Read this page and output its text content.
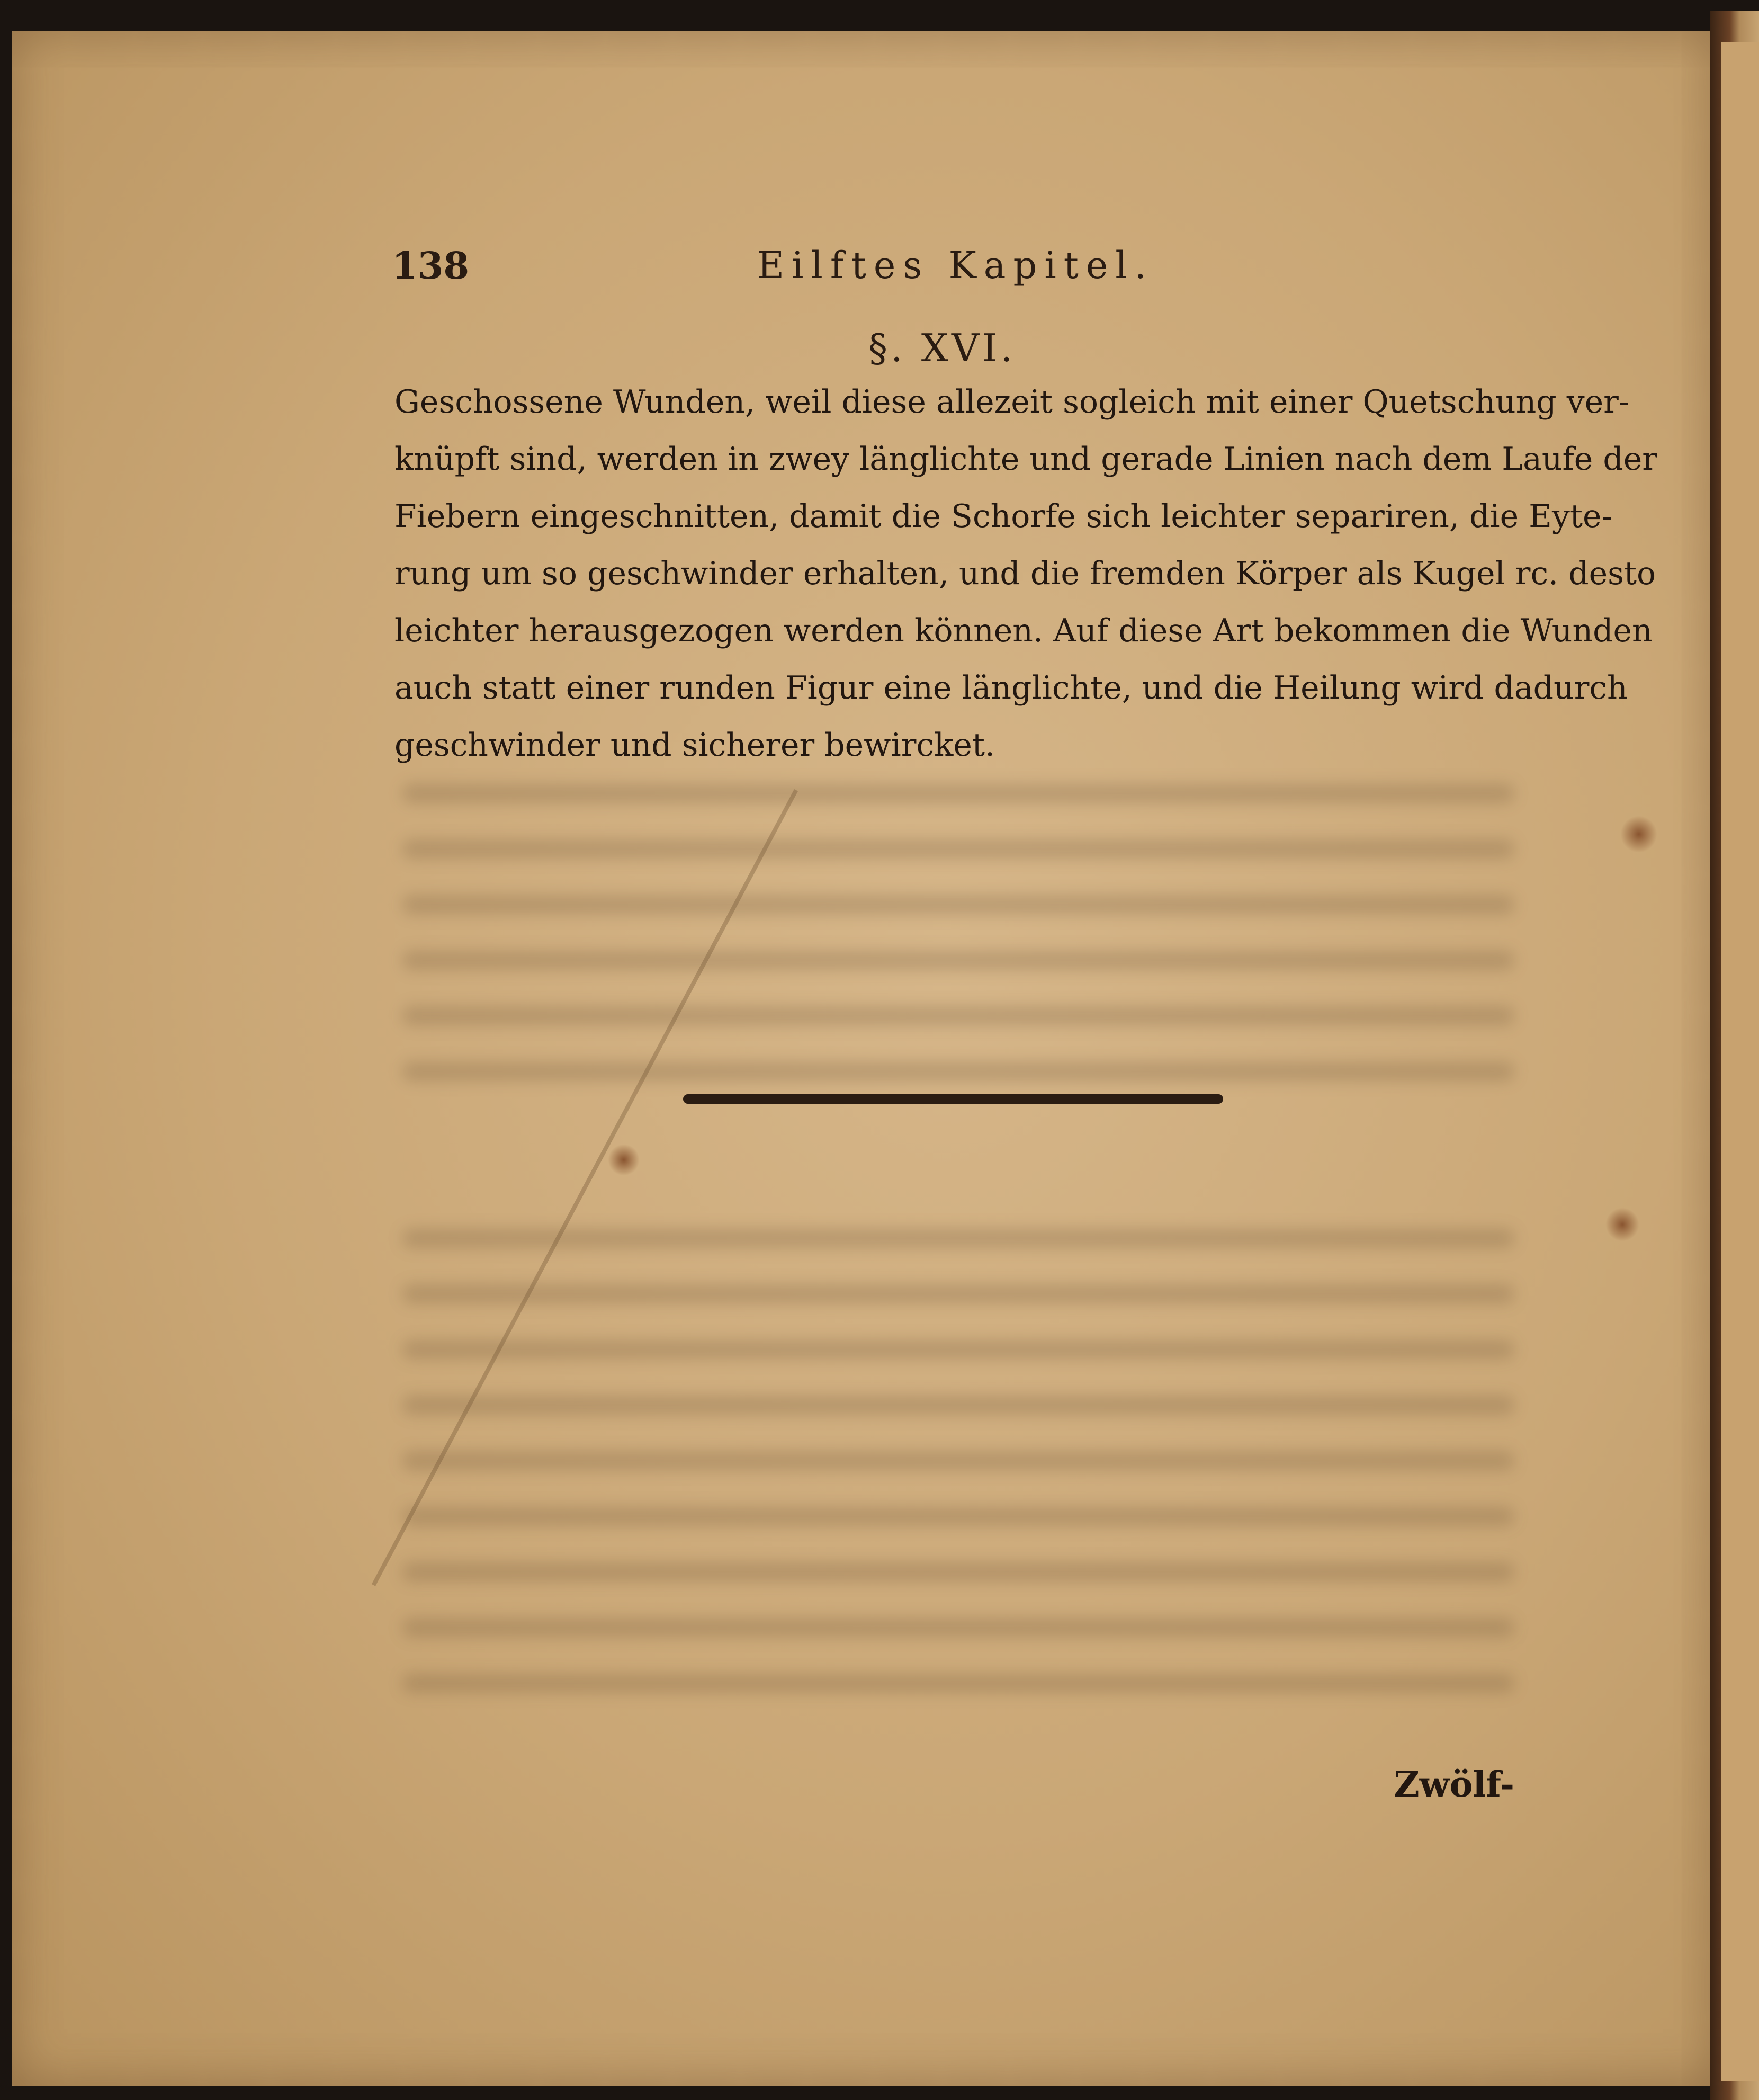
138	Eilftes Kapitel.
§. XVI.
Geschossene Wunden, weil diese allezeit sogleich mit einer Quetschung ver-
knüpft sind, werden in zwey länglichte und gerade Linien nach dem Laufe der
Fiebern eingeschnitten, damit die Schorfe sich leichter separiren, die Eyte-
rung um so geschwinder erhalten, und die fremden Körper als Kugel rc. desto
leichter herausgezogen werden können. Auf diese Art bekommen die Wunden
auch statt einer runden Figur eine länglichte, und die Heilung wird dadurch
geschwinder und sicherer bewircket.
Zwölf-
